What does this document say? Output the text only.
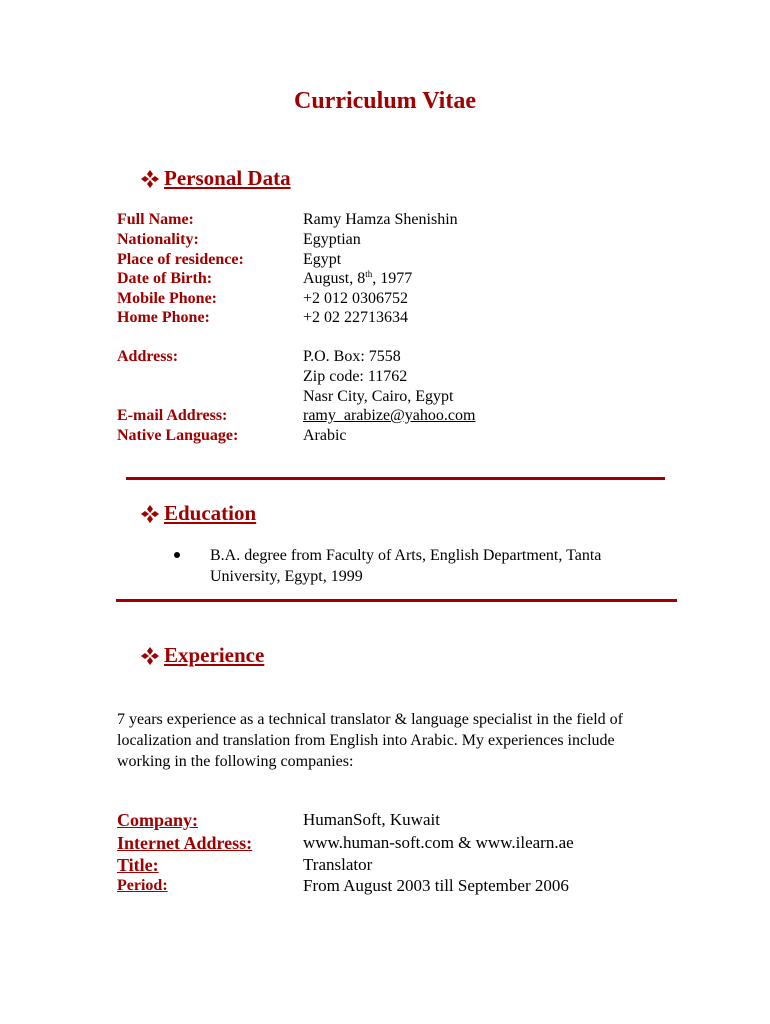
Curriculum Vitae
Personal Data
Full Name:	Ramy Hamza Shenishin
Nationality:	Egyptian
Place of residence:	Egypt
Date of Birth:	August, 8th, 1977
Mobile Phone:	+2 012 0306752
Home Phone:	+2 02 22713634
Address:	P.O. Box: 7558
Zip code: 11762
Nasr City, Cairo, Egypt
E-mail Address:	ramy_arabize@yahoo.com
Native Language:	Arabic
Education
B.A. degree from Faculty of Arts, English Department, Tanta University, Egypt, 1999
Experience
7 years experience as a technical translator & language specialist in the field of localization and translation from English into Arabic. My experiences include working in the following companies:
Company:	HumanSoft, Kuwait
Internet Address:	www.human-soft.com & www.ilearn.ae
Title:	Translator
Period:	From August 2003 till September 2006
